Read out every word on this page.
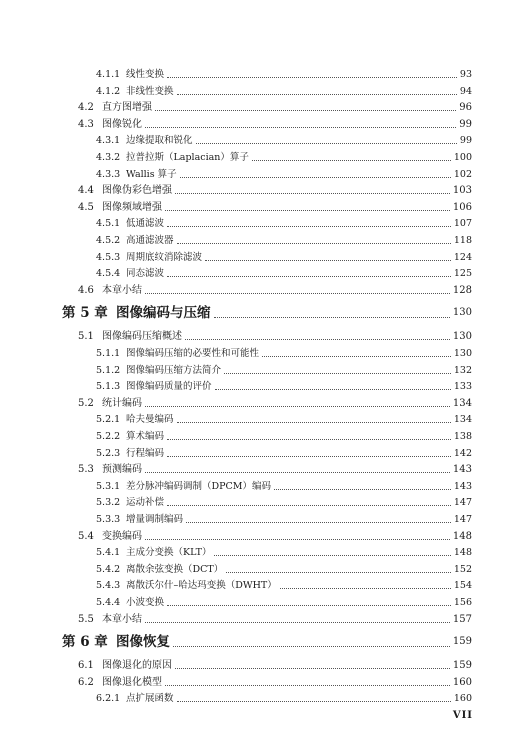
4.1.1 线性变换	93
4.1.2 非线性变换	94
4.2 直方图增强	96
4.3 图像锐化	99
4.3.1 边缘提取和锐化	99
4.3.2 拉普拉斯（Laplacian）算子	100
4.3.3 Wallis 算子	102
4.4 图像伪彩色增强	103
4.5 图像频域增强	106
4.5.1 低通滤波	107
4.5.2 高通滤波器	118
4.5.3 周期底纹消除滤波	124
4.5.4 同态滤波	125
4.6 本章小结	128
第 5 章 图像编码与压缩	130
5.1 图像编码压缩概述	130
5.1.1 图像编码压缩的必要性和可能性	130
5.1.2 图像编码压缩方法简介	132
5.1.3 图像编码质量的评价	133
5.2 统计编码	134
5.2.1 哈夫曼编码	134
5.2.2 算术编码	138
5.2.3 行程编码	142
5.3 预测编码	143
5.3.1 差分脉冲编码调制（DPCM）编码	143
5.3.2 运动补偿	147
5.3.3 增量调制编码	147
5.4 变换编码	148
5.4.1 主成分变换（KLT）	148
5.4.2 离散余弦变换（DCT）	152
5.4.3 离散沃尔什–哈达玛变换（DWHT）	154
5.4.4 小波变换	156
5.5 本章小结	157
第 6 章 图像恢复	159
6.1 图像退化的原因	159
6.2 图像退化模型	160
6.2.1 点扩展函数	160
VII
